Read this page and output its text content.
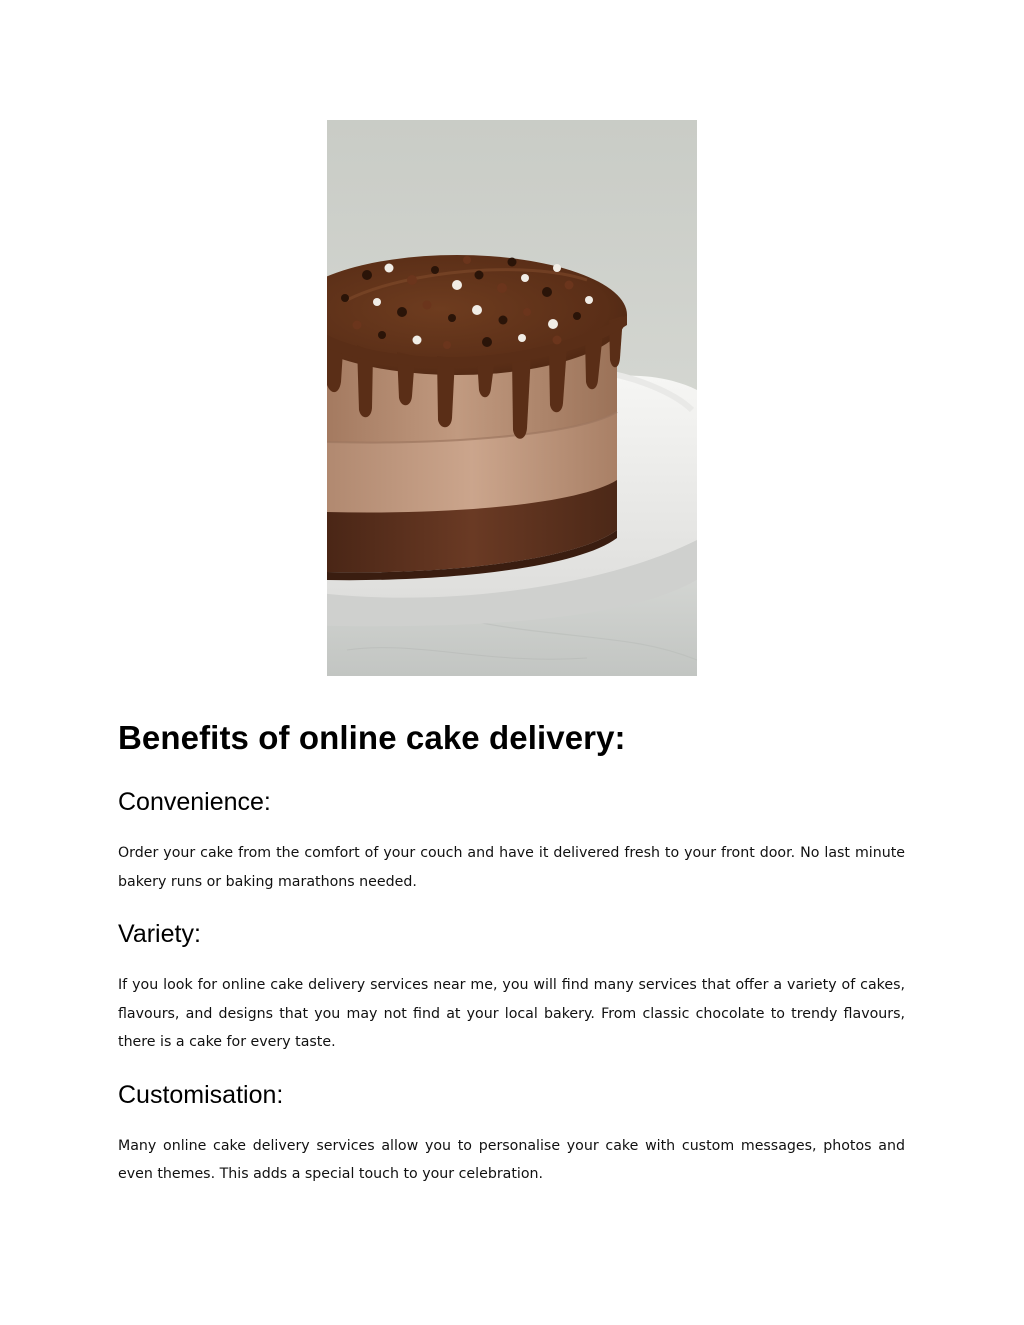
Benefits of online cake delivery:
Convenience:

Order your cake from the comfort of your couch and have it delivered fresh to your front door. No last minute bakery runs or baking marathons needed.

Variety:

If you look for online cake delivery services near me, you will find many services that offer a variety of cakes, flavours, and designs that you may not find at your local bakery. From classic chocolate to trendy flavours, there is a cake for every taste.

Customisation:

Many online cake delivery services allow you to personalise your cake with custom messages, photos and even themes. This adds a special touch to your celebration.
